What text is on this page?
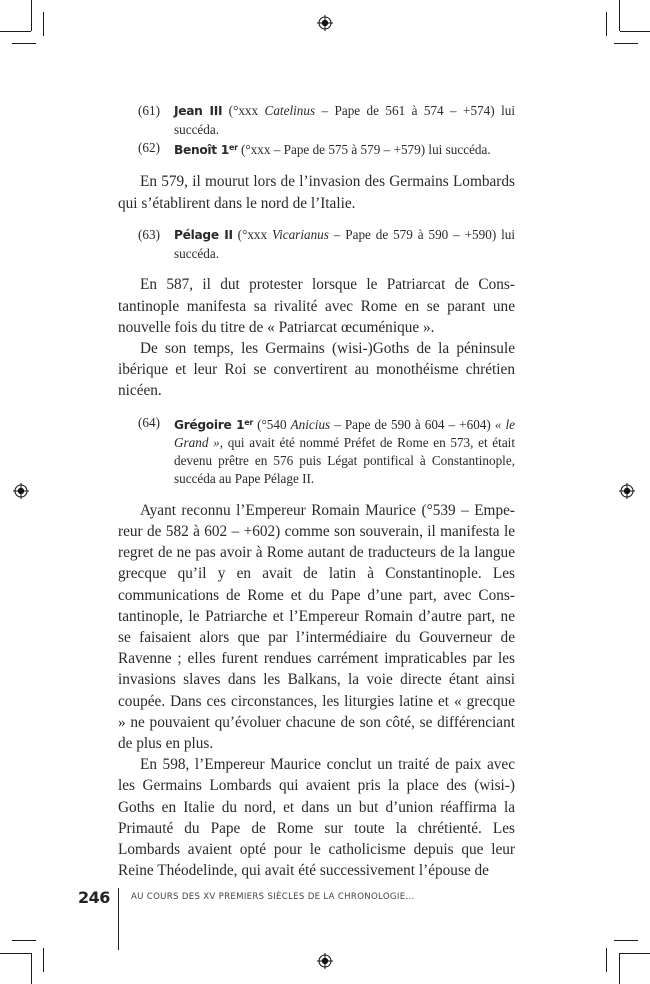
(61) Jean III (°xxx Catelinus – Pape de 561 à 574 – +574) lui succéda.

(62) Benoît 1er (°xxx – Pape de 575 à 579 – +579) lui succéda.

En 579, il mourut lors de l’invasion des Germains Lombards qui s’établirent dans le nord de l’Italie.

(63) Pélage II (°xxx Vicarianus – Pape de 579 à 590 – +590) lui succéda.

En 587, il dut protester lorsque le Patriarcat de Constantinople manifesta sa rivalité avec Rome en se parant une nouvelle fois du titre de « Patriarcat œcuménique ».

De son temps, les Germains (wisi-)Goths de la péninsule ibérique et leur Roi se convertirent au monothéisme chrétien nicéen.

(64) Grégoire 1er (°540 Anicius – Pape de 590 à 604 – +604) « le Grand », qui avait été nommé Préfet de Rome en 573, et était devenu prêtre en 576 puis Légat pontifical à Constantinople, succéda au Pape Pélage II.

Ayant reconnu l’Empereur Romain Maurice (°539 – Empereur de 582 à 602 – +602) comme son souverain, il manifesta le regret de ne pas avoir à Rome autant de traducteurs de la langue grecque qu’il y en avait de latin à Constantinople. Les communications de Rome et du Pape d’une part, avec Constantinople, le Patriarche et l’Empereur Romain d’autre part, ne se faisaient alors que par l’intermédiaire du Gouverneur de Ravenne ; elles furent rendues carrément impraticables par les invasions slaves dans les Balkans, la voie directe étant ainsi coupée. Dans ces circonstances, les liturgies latine et « grecque » ne pouvaient qu’évoluer chacune de son côté, se différenciant de plus en plus.

En 598, l’Empereur Maurice conclut un traité de paix avec les Germains Lombards qui avaient pris la place des (wisi-) Goths en Italie du nord, et dans un but d’union réaffirma la Primauté du Pape de Rome sur toute la chrétienté. Les Lombards avaient opté pour le catholicisme depuis que leur Reine Théodelinde, qui avait été successivement l’épouse de

246 AU COURS DES XV PREMIERS SIÈCLES DE LA CHRONOLOGIE...
